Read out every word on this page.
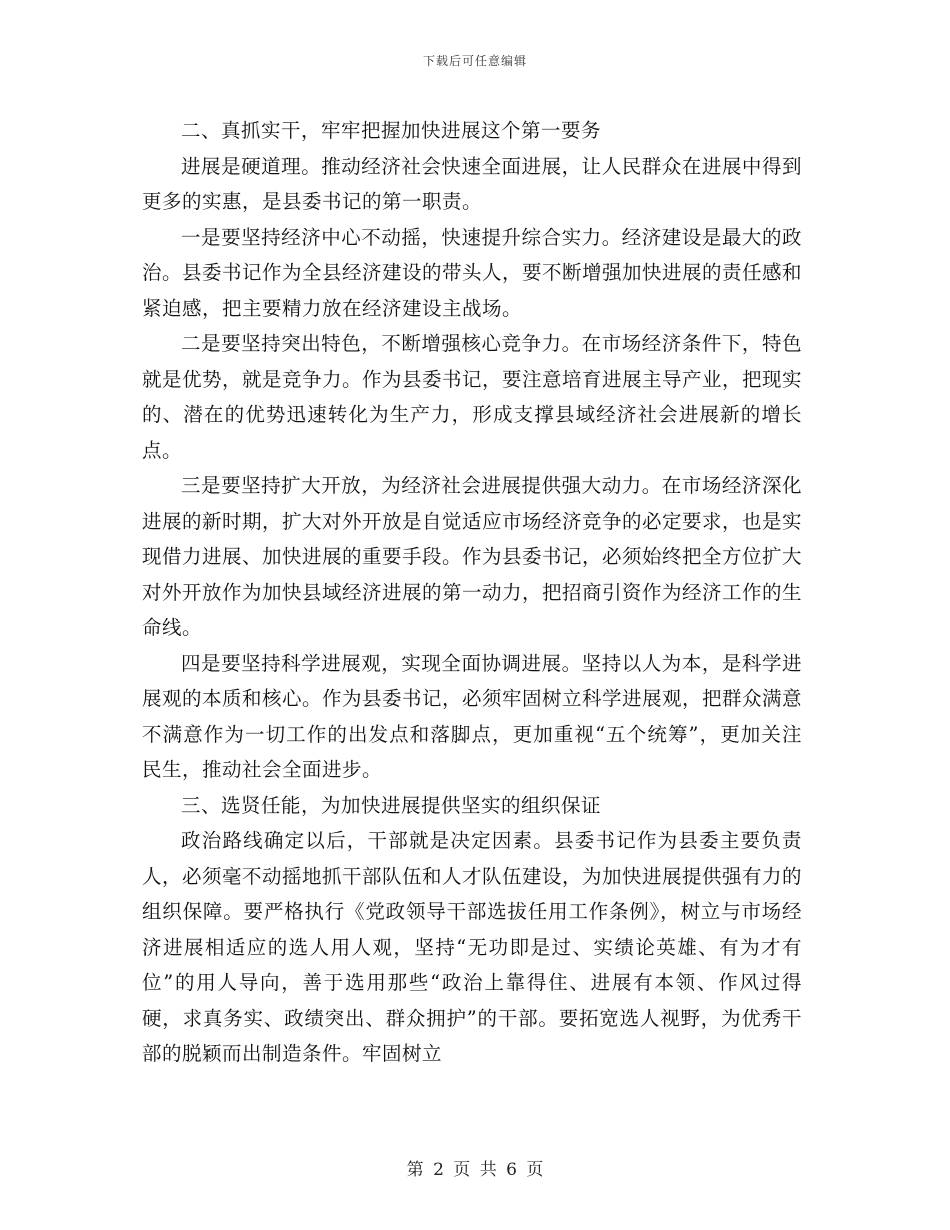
下载后可任意编辑

二、真抓实干，牢牢把握加快进展这个第一要务

进展是硬道理。推动经济社会快速全面进展，让人民群众在进展中得到更多的实惠，是县委书记的第一职责。

一是要坚持经济中心不动摇，快速提升综合实力。经济建设是最大的政治。县委书记作为全县经济建设的带头人，要不断增强加快进展的责任感和紧迫感，把主要精力放在经济建设主战场。

二是要坚持突出特色，不断增强核心竞争力。在市场经济条件下，特色就是优势，就是竞争力。作为县委书记，要注意培育进展主导产业，把现实的、潜在的优势迅速转化为生产力，形成支撑县域经济社会进展新的增长点。

三是要坚持扩大开放，为经济社会进展提供强大动力。在市场经济深化进展的新时期，扩大对外开放是自觉适应市场经济竞争的必定要求，也是实现借力进展、加快进展的重要手段。作为县委书记，必须始终把全方位扩大对外开放作为加快县域经济进展的第一动力，把招商引资作为经济工作的生命线。

四是要坚持科学进展观，实现全面协调进展。坚持以人为本，是科学进展观的本质和核心。作为县委书记，必须牢固树立科学进展观，把群众满意不满意作为一切工作的出发点和落脚点，更加重视“五个统筹”，更加关注民生，推动社会全面进步。

三、选贤任能，为加快进展提供坚实的组织保证

政治路线确定以后，干部就是决定因素。县委书记作为县委主要负责人，必须毫不动摇地抓干部队伍和人才队伍建设，为加快进展提供强有力的组织保障。要严格执行《党政领导干部选拔任用工作条例》，树立与市场经济进展相适应的选人用人观，坚持“无功即是过、实绩论英雄、有为才有位”的用人导向，善于选用那些“政治上靠得住、进展有本领、作风过得硬，求真务实、政绩突出、群众拥护”的干部。要拓宽选人视野，为优秀干部的脱颖而出制造条件。牢固树立

第 2 页 共 6 页
